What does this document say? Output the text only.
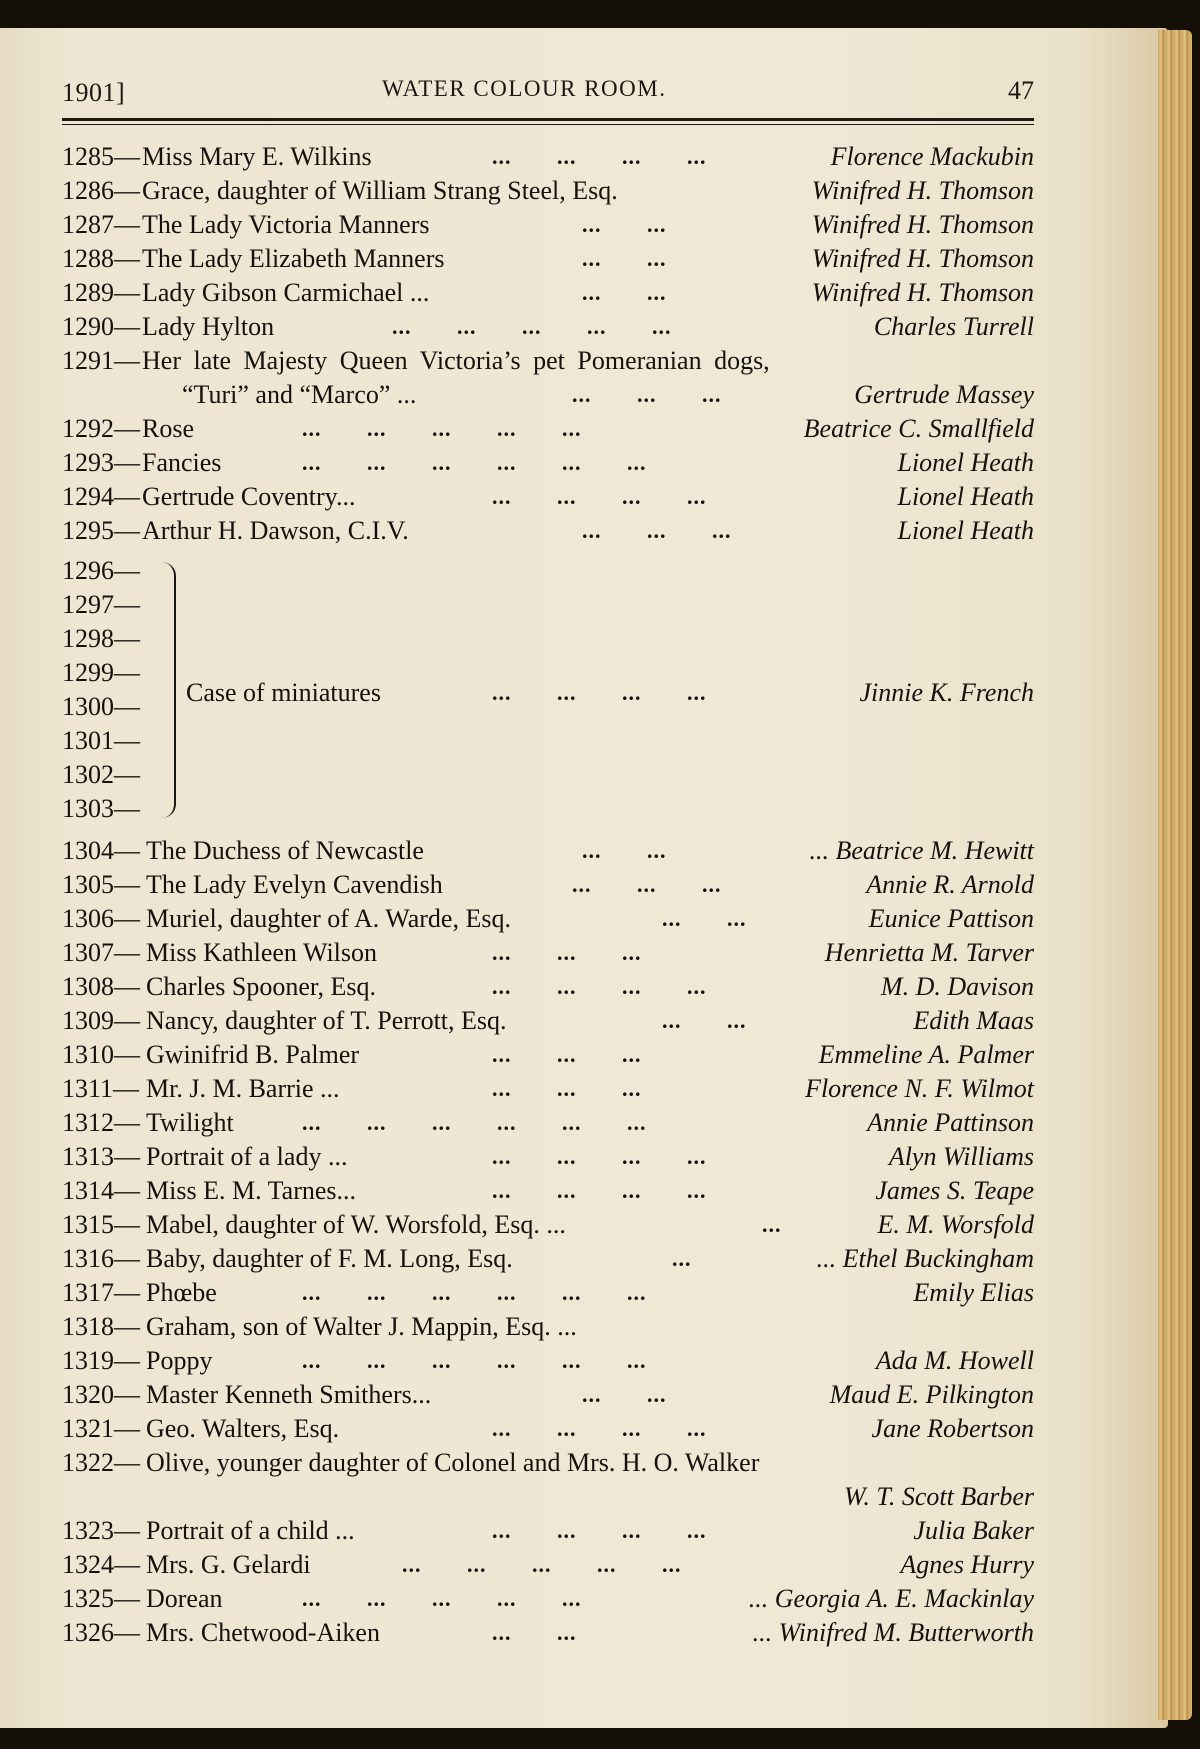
1901]	WATER COLOUR ROOM.	47
1285— Miss Mary E. Wilkins	...       ...       ...       ...	Florence Mackubin
1286— Grace, daughter of William Strang Steel, Esq.	Winifred H. Thomson
1287— The Lady Victoria Manners	...       ...	Winifred H. Thomson
1288— The Lady Elizabeth Manners	...       ...	Winifred H. Thomson
1289— Lady Gibson Carmichael ...	...       ...	Winifred H. Thomson
1290— Lady Hylton	...       ...       ...       ...       ...	Charles Turrell
1291— Her late Majesty Queen Victoria’s pet Pomeranian dogs,
“Turi” and “Marco” ...	...       ...       ...	Gertrude Massey
1292— Rose	...       ...       ...       ...       ...	Beatrice C. Smallfield
1293— Fancies	...       ...       ...       ...       ...       ...	Lionel Heath
1294— Gertrude Coventry...	...       ...       ...       ...	Lionel Heath
1295— Arthur H. Dawson, C.I.V.	...       ...       ...	Lionel Heath
1296—
1297—
1298—
1299—
1300—
1301—
1302—
1303—
Case of miniatures	...       ...       ...       ...	Jinnie K. French
1304— The Duchess of Newcastle	...       ...	... Beatrice M. Hewitt
1305— The Lady Evelyn Cavendish	...       ...       ...	Annie R. Arnold
1306— Muriel, daughter of A. Warde, Esq.	...       ...	Eunice Pattison
1307— Miss Kathleen Wilson	...       ...       ...	Henrietta M. Tarver
1308— Charles Spooner, Esq.	...       ...       ...       ...	M. D. Davison
1309— Nancy, daughter of T. Perrott, Esq.	...       ...	Edith Maas
1310— Gwinifrid B. Palmer	...       ...       ...	Emmeline A. Palmer
1311— Mr. J. M. Barrie ...	...       ...       ...	Florence N. F. Wilmot
1312— Twilight	...       ...       ...       ...       ...       ...	Annie Pattinson
1313— Portrait of a lady ...	...       ...       ...       ...	Alyn Williams
1314— Miss E. M. Tarnes...	...       ...       ...       ...	James S. Teape
1315— Mabel, daughter of W. Worsfold, Esq. ...	...	E. M. Worsfold
1316— Baby, daughter of F. M. Long, Esq.	...	... Ethel Buckingham
1317— Phœbe	...       ...       ...       ...       ...       ...	Emily Elias
1318— Graham, son of Walter J. Mappin, Esq. ...
1319— Poppy	...       ...       ...       ...       ...       ...	Ada M. Howell
1320— Master Kenneth Smithers...	...       ...	Maud E. Pilkington
1321— Geo. Walters, Esq.	...       ...       ...       ...	Jane Robertson
1322— Olive, younger daughter of Colonel and Mrs. H. O. Walker
W. T. Scott Barber
1323— Portrait of a child ...	...       ...       ...       ...	Julia Baker
1324— Mrs. G. Gelardi	...       ...       ...       ...       ...	Agnes Hurry
1325— Dorean	...       ...       ...       ...       ...	... Georgia A. E. Mackinlay
1326— Mrs. Chetwood-Aiken	...       ...	... Winifred M. Butterworth
